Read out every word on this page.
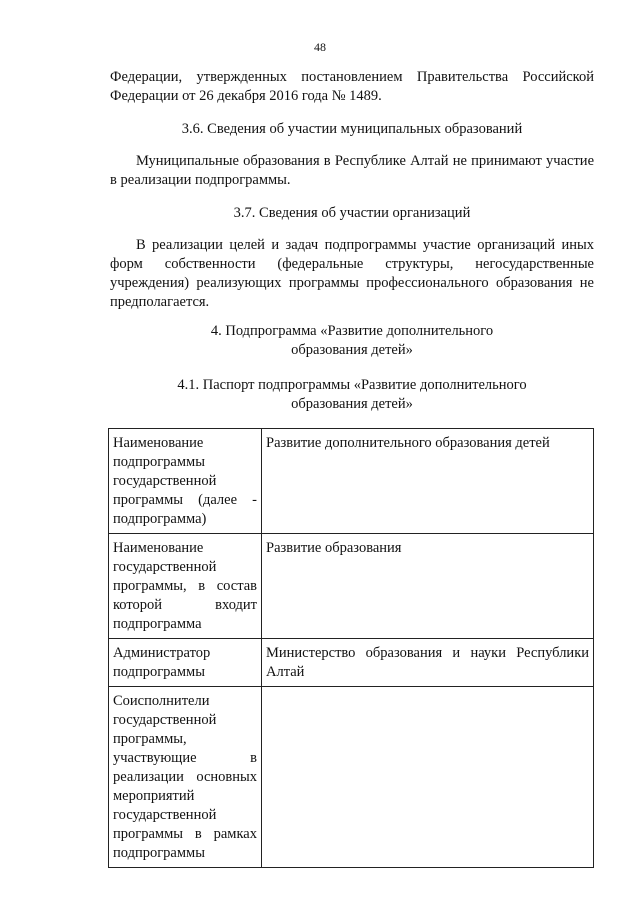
48
Федерации, утвержденных постановлением Правительства Российской Федерации от 26 декабря 2016 года № 1489.
3.6. Сведения об участии муниципальных образований
Муниципальные образования в Республике Алтай не принимают участие в реализации подпрограммы.
3.7. Сведения об участии организаций
В реализации целей и задач подпрограммы участие организаций иных форм собственности (федеральные структуры, негосударственные учреждения) реализующих программы профессионального образования не предполагается.
4. Подпрограмма «Развитие дополнительного
образования детей»
4.1. Паспорт подпрограммы «Развитие дополнительного
образования детей»
Наименование подпрограммы государственной программы (далее - подпрограмма)	Развитие дополнительного образования детей

Наименование государственной программы, в состав которой входит подпрограмма	Развитие образования

Администратор подпрограммы	Министерство образования и науки Республики Алтай

Соисполнители государственной программы, участвующие в реализации основных мероприятий государственной программы в рамках подпрограммы	
